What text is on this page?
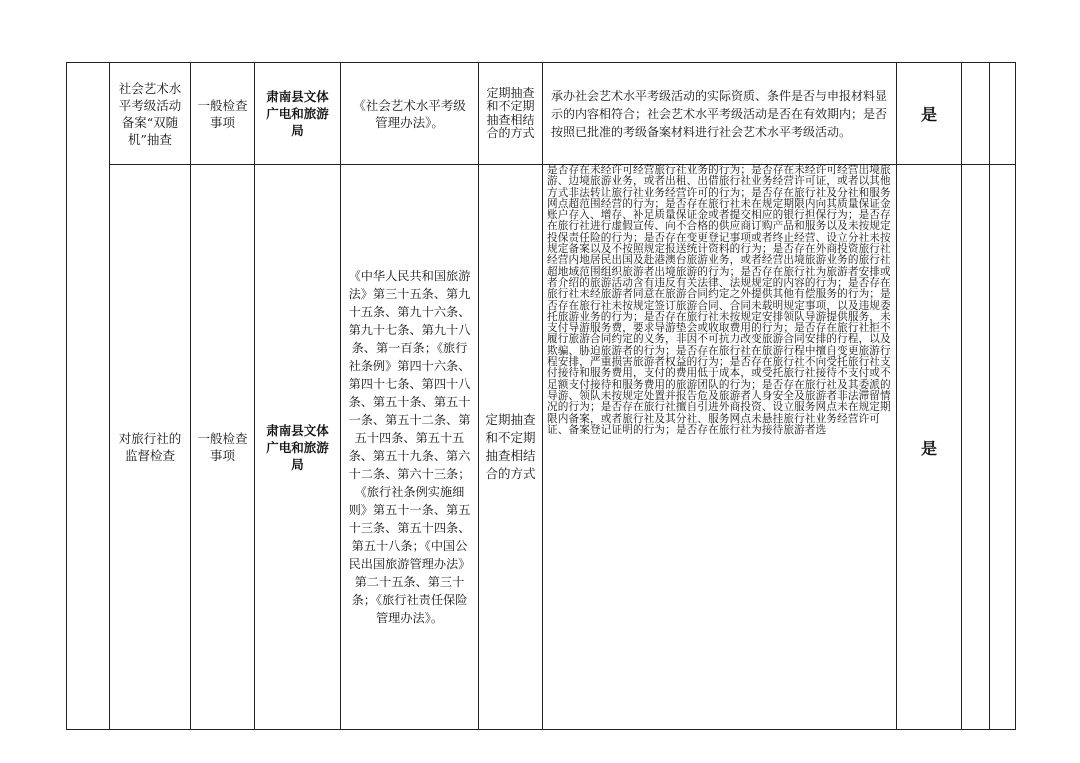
社会艺术水平考级活动备案“双随机”抽查	一般检查事项	肃南县文体广电和旅游局	《社会艺术水平考级管理办法》。	定期抽查和不定期抽查相结合的方式	承办社会艺术水平考级活动的实际资质、条件是否与申报材料显示的内容相符合；社会艺术水平考级活动是否在有效期内；是否按照已批准的考级备案材料进行社会艺术水平考级活动。	是		

对旅行社的监督检查	一般检查事项	肃南县文体广电和旅游局	《中华人民共和国旅游法》第三十五条、第九十五条、第九十六条、第九十七条、第九十八条、第一百条；《旅行社条例》第四十六条、第四十七条、第四十八条、第五十条、第五十一条、第五十二条、第五十四条、第五十五条、第五十九条、第六十二条、第六十三条；《旅行社条例实施细则》第五十一条、第五十三条、第五十四条、第五十八条；《中国公民出国旅游管理办法》第二十五条、第三十条；《旅行社责任保险管理办法》。	定期抽查和不定期抽查相结合的方式	是否存在未经许可经营旅行社业务的行为；是否存在未经许可经营出境旅游、边境旅游业务，或者出租、出借旅行社业务经营许可证，或者以其他方式非法转让旅行社业务经营许可的行为；是否存在旅行社及分社和服务网点超范围经营的行为；是否存在旅行社未在规定期限内向其质量保证金账户存入、增存、补足质量保证金或者提交相应的银行担保行为；是否存在旅行社进行虚假宣传、向不合格的供应商订购产品和服务以及未按规定投保责任险的行为；是否存在变更登记事项或者终止经营、设立分社未按规定备案以及不按照规定报送统计资料的行为；是否存在外商投资旅行社经营内地居民出国及赴港澳台旅游业务，或者经营出境旅游业务的旅行社超地域范围组织旅游者出境旅游的行为；是否存在旅行社为旅游者安排或者介绍的旅游活动含有违反有关法律、法规规定的内容的行为；是否存在旅行社未经旅游者同意在旅游合同约定之外提供其他有偿服务的行为；是否存在旅行社未按规定签订旅游合同、合同未载明规定事项，以及违规委托旅游业务的行为；是否存在旅行社未按规定安排领队导游提供服务，未支付导游服务费，要求导游垫会或收取费用的行为；是否存在旅行社拒不履行旅游合同约定的义务，非因不可抗力改变旅游合同安排的行程，以及欺骗、胁迫旅游者的行为；是否存在旅行社在旅游行程中擅自变更旅游行　　程安排，严重损害旅游者权益的行为；是否存在旅行社不向受托旅行社支付接待和服务费用，支付的费用低于成本，或受托旅行社接待不支付或不足额支付接待和服务费用的旅游团队的行为；是否存在旅行社及其委派的导游、领队未按规定处置并报告危及旅游者人身安全及旅游者非法滞留情况的行为；是否存在旅行社擅自引进外商投资、设立服务网点未在规定期限内备案，或者旅行社及其分社、服务网点未悬挂旅行社业务经营许可证、备案登记证明的行为；是否存在旅行社为接待旅游者选	是		
